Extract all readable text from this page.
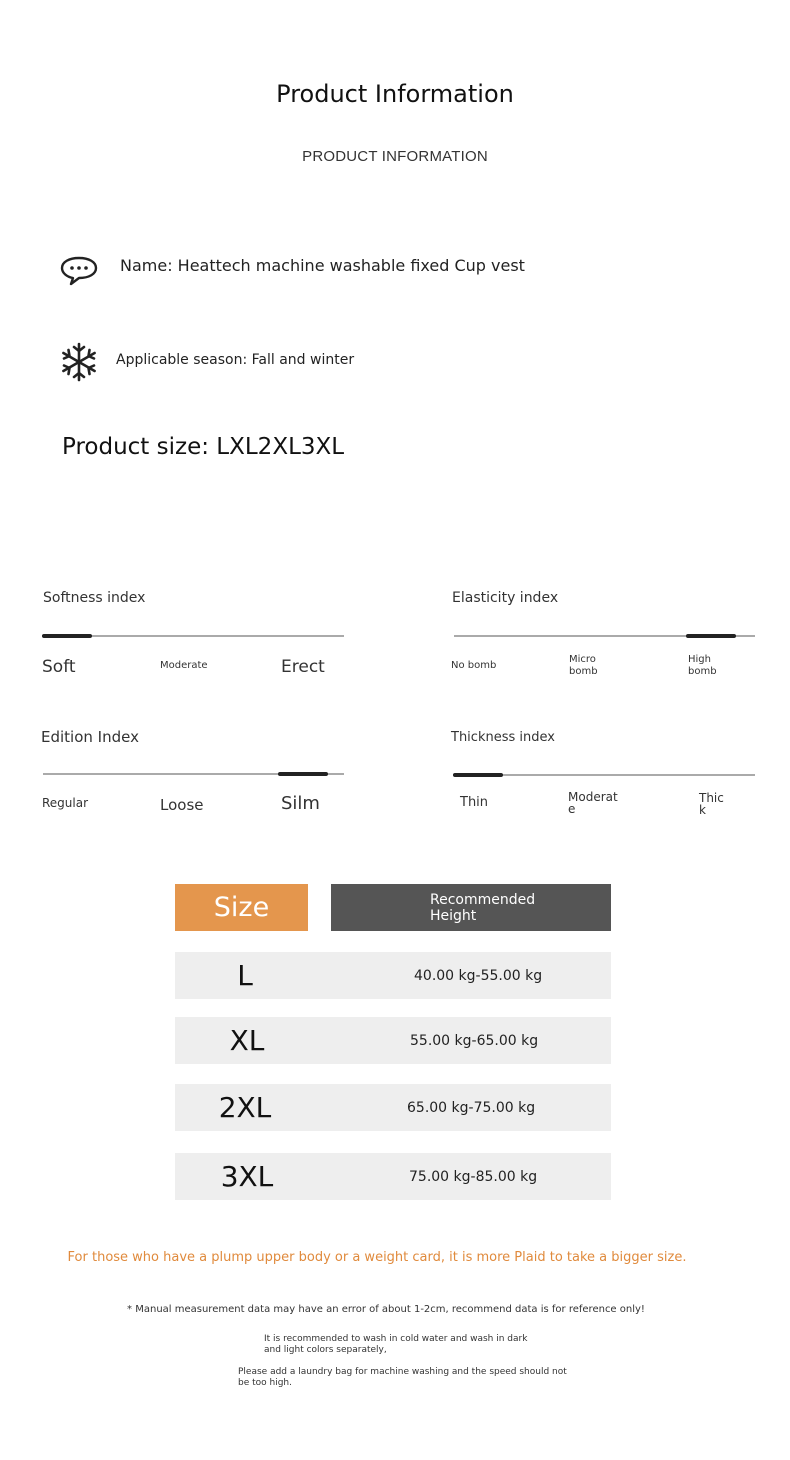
Product Information
PRODUCT INFORMATION
Name: Heattech machine washable fixed Cup vest
Applicable season: Fall and winter
Product size: LXL2XL3XL
Softness index
Soft	Moderate	Erect
Elasticity index
No bomb
Micro
bomb
High
bomb
Edition Index
Regular	Loose	Silm
Thickness index
Thin	Moderat
e
Thic
k
Size	Recommended
Height
L	40.00 kg-55.00 kg
XL	55.00 kg-65.00 kg
2XL	65.00 kg-75.00 kg
3XL	75.00 kg-85.00 kg
For those who have a plump upper body or a weight card, it is more Plaid to take a bigger size.
* Manual measurement data may have an error of about 1-2cm, recommend data is for reference only!
It is recommended to wash in cold water and wash in dark
and light colors separately,
Please add a laundry bag for machine washing and the speed should not
be too high.
